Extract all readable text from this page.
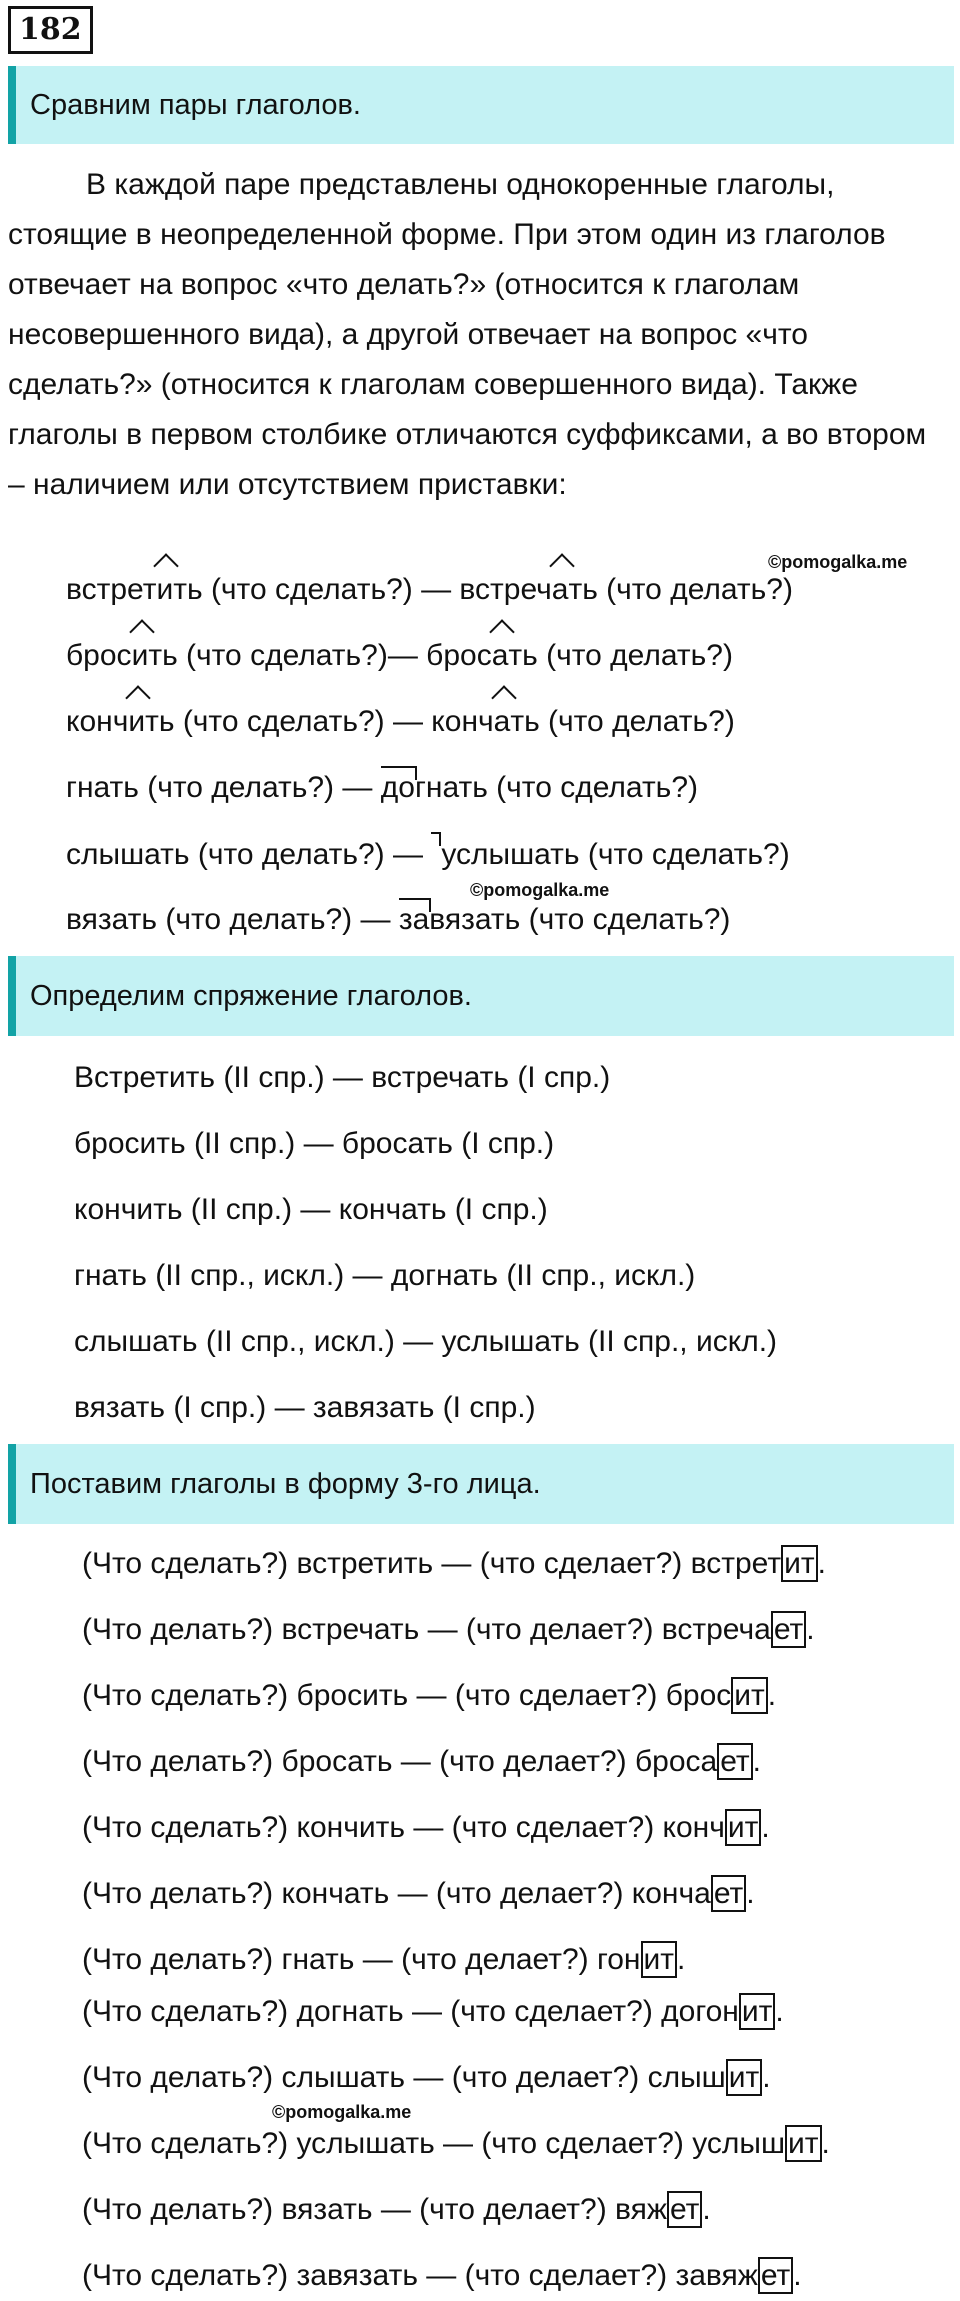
182
Сравним пары глаголов.

В каждой паре представлены однокоренные глаголы, стоящие в неопределенной форме. При этом один из глаголов отвечает на вопрос «что делать?» (относится к глаголам несовершенного вида), а другой отвечает на вопрос «что сделать?» (относится к глаголам совершенного вида). Также глаголы в первом столбике отличаются суффиксами, а во втором – наличием или отсутствием приставки:

©pomogalka.me
встрет
ить (что сделать?) — встреч
ать (что делать?)
брос
ить (что сделать?)— брос
ать (что делать?)
конч
ить (что сделать?) — конч
ать (что делать?)
гнать (что делать?) — догнать (что сделать?)
слышать (что делать?) — услышать (что сделать?)
©pomogalka.me
вязать (что делать?) — завязать (что сделать?)
Определим спряжение глаголов.
Встретить (II спр.) — встречать (I спр.)
бросить (II спр.) — бросать (I спр.)
кончить (II спр.) — кончать (I спр.)
гнать (II спр., искл.) — догнать (II спр., искл.)
слышать (II спр., искл.) — услышать (II спр., искл.)
вязать (I спр.) — завязать (I спр.)
Поставим глаголы в форму 3-го лица.
(Что сделать?) встретить — (что сделает?) встрет ит .
(Что делать?) встречать — (что делает?) встреча ет .
(Что сделать?) бросить — (что сделает?) брос ит .
(Что делать?) бросать — (что делает?) броса ет .
(Что сделать?) кончить — (что сделает?) конч ит .
(Что делать?) кончать — (что делает?) конча ет .
(Что делать?) гнать — (что делает?) гон ит .
(Что сделать?) догнать — (что сделает?) догон ит .
(Что делать?) слышать — (что делает?) слыш ит .
©pomogalka.me
(Что сделать?) услышать — (что сделает?) услыш ит .
(Что делать?) вязать — (что делает?) вяж ет .
(Что сделать?) завязать — (что сделает?) завяж ет .
